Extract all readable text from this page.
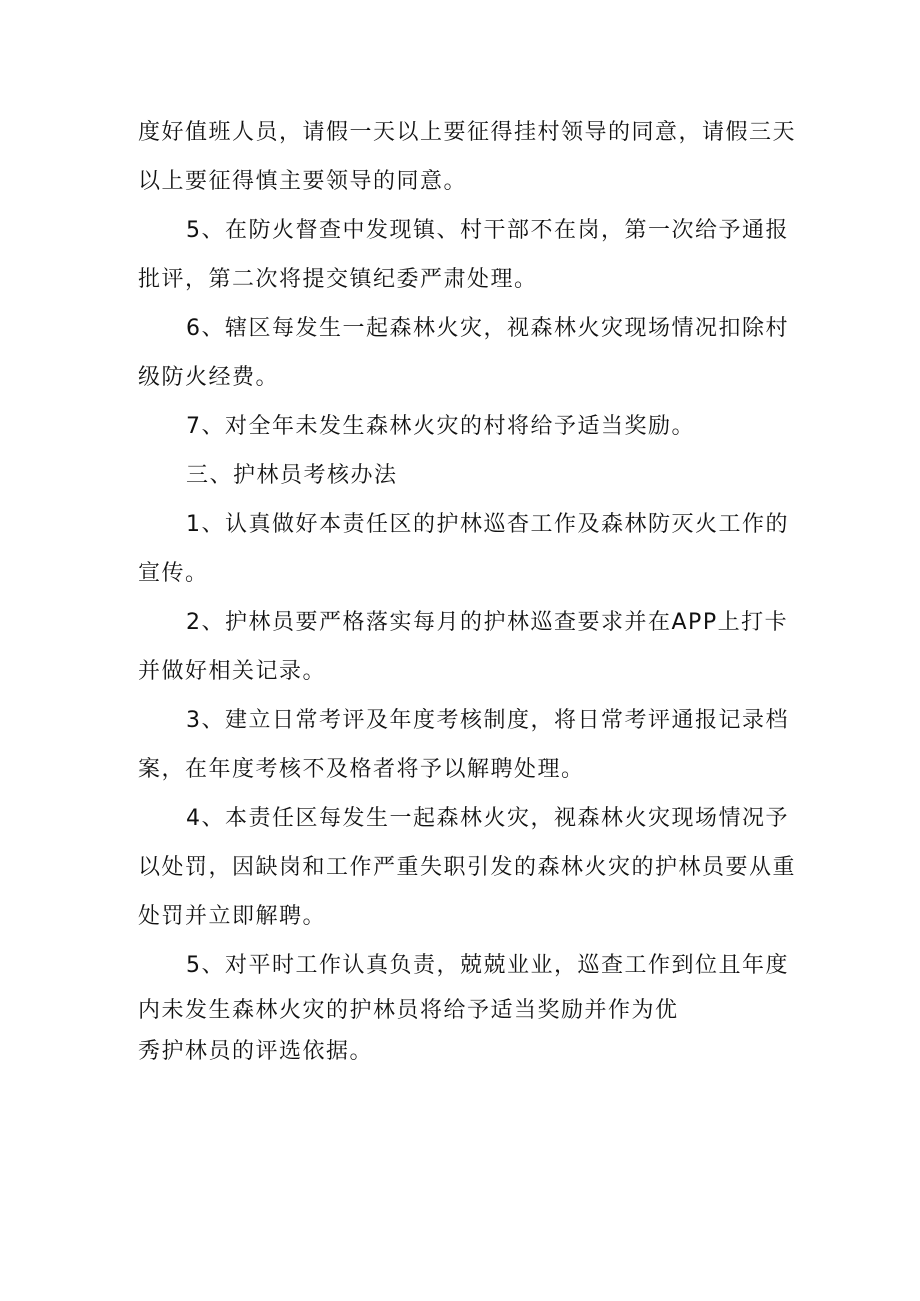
度好值班人员，请假一天以上要征得挂村领导的同意，请假三天
以上要征得慎主要领导的同意。
5、在防火督查中发现镇、村干部不在岗，第一次给予通报
批评，第二次将提交镇纪委严肃处理。
6、辖区每发生一起森林火灾，视森林火灾现场情况扣除村
级防火经费。
7、对全年未发生森林火灾的村将给予适当奖励。
三、护林员考核办法
1、认真做好本责任区的护林巡杳工作及森林防灭火工作的
宣传。
2、护林员要严格落实每月的护林巡查要求并在APP上打卡
并做好相关记录。
3、建立日常考评及年度考核制度，将日常考评通报记录档
案，在年度考核不及格者将予以解聘处理。
4、本责任区每发生一起森林火灾，视森林火灾现场情况予
以处罚，因缺岗和工作严重失职引发的森林火灾的护林员要从重
处罚并立即解聘。
5、对平时工作认真负责，兢兢业业，巡查工作到位且年度
内未发生森林火灾的护林员将给予适当奖励并作为优
秀护林员的评选依据。
